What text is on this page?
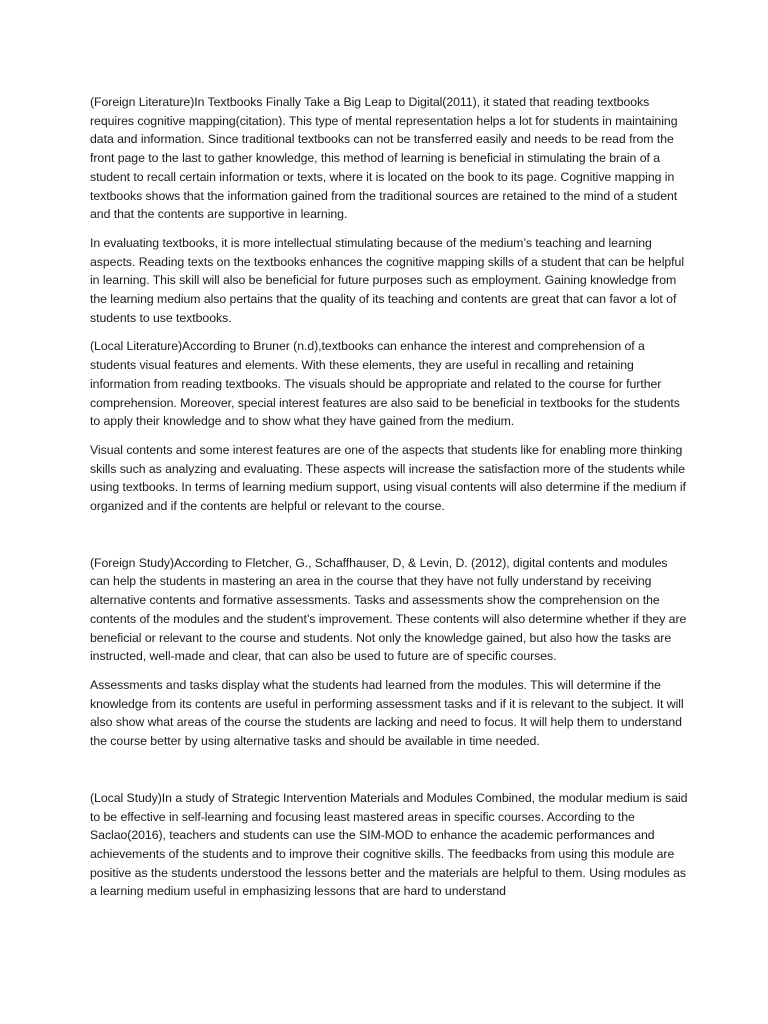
(Foreign Literature)In Textbooks Finally Take a Big Leap to Digital(2011), it stated that reading textbooks requires cognitive mapping(citation). This type of mental representation helps a lot for students in maintaining data and information. Since traditional textbooks can not be transferred easily and needs to be read from the front page to the last to gather knowledge, this method of learning is beneficial in stimulating the brain of a student to recall certain information or texts, where it is located on the book to its page. Cognitive mapping in textbooks shows that the information gained from the traditional sources are retained to the mind of a student and that the contents are supportive in learning.

In evaluating textbooks, it is more intellectual stimulating because of the medium’s teaching and learning aspects. Reading texts on the textbooks enhances the cognitive mapping skills of a student that can be helpful in learning. This skill will also be beneficial for future purposes such as employment. Gaining knowledge from the learning medium also pertains that the quality of its teaching and contents are great that can favor a lot of students to use textbooks.

(Local Literature)According to Bruner (n.d),textbooks can enhance the interest and comprehension of a students visual features and elements. With these elements, they are useful in recalling and retaining information from reading textbooks. The visuals should be appropriate and related to the course for further comprehension. Moreover, special interest features are also said to be beneficial in textbooks for the students to apply their knowledge and to show what they have gained from the medium.

Visual contents and some interest features are one of the aspects that students like for enabling more thinking skills such as analyzing and evaluating. These aspects will increase the satisfaction more of the students while using textbooks. In terms of learning medium support, using visual contents will also determine if the medium if organized and if the contents are helpful or relevant to the course.

(Foreign Study)According to Fletcher, G., Schaffhauser, D, & Levin, D. (2012), digital contents and modules can help the students in mastering an area in the course that they have not fully understand by receiving alternative contents and formative assessments. Tasks and assessments show the comprehension on the contents of the modules and the student’s improvement. These contents will also determine whether if they are beneficial or relevant to the course and students. Not only the knowledge gained, but also how the tasks are instructed, well-made and clear, that can also be used to future are of specific courses.

Assessments and tasks display what the students had learned from the modules. This will determine if the knowledge from its contents are useful in performing assessment tasks and if it is relevant to the subject. It will also show what areas of the course the students are lacking and need to focus. It will help them to understand the course better by using alternative tasks and should be available in time needed.

(Local Study)In a study of Strategic Intervention Materials and Modules Combined, the modular medium is said to be effective in self-learning and focusing least mastered areas in specific courses. According to the Saclao(2016), teachers and students can use the SIM-MOD to enhance the academic performances and achievements of the students and to improve their cognitive skills. The feedbacks from using this module are positive as the students understood the lessons better and the materials are helpful to them. Using modules as a learning medium useful in emphasizing lessons that are hard to understand
